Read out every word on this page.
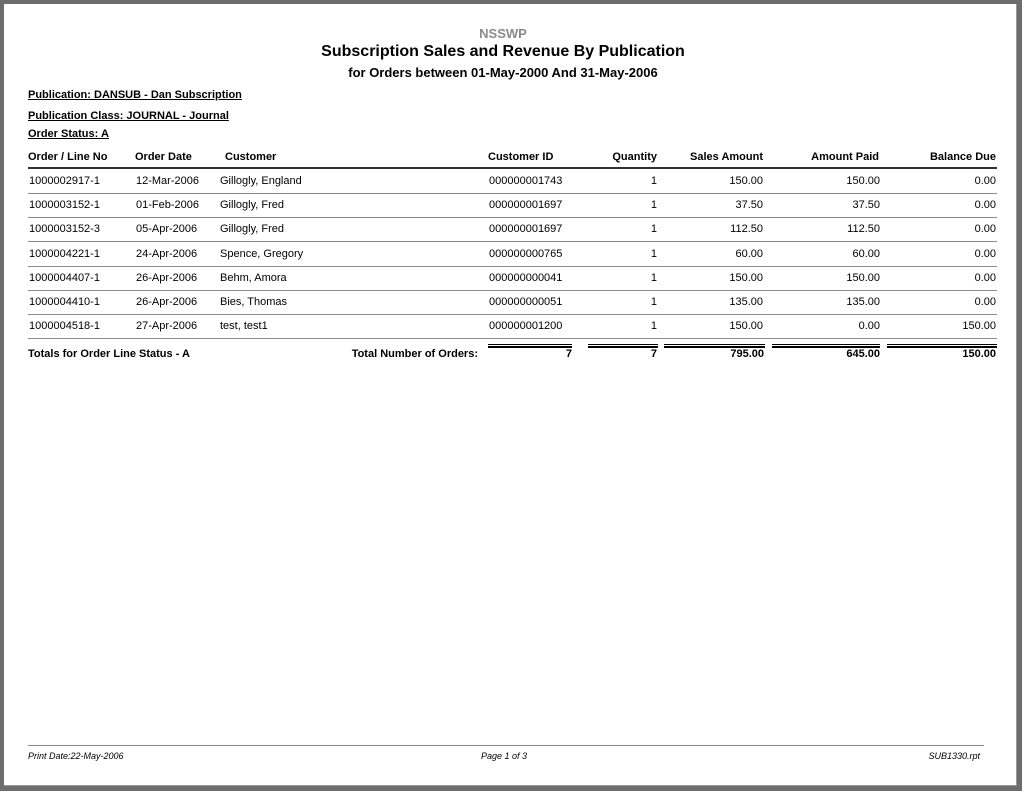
NSSWP
Subscription Sales and Revenue By Publication
for Orders between 01-May-2000 And 31-May-2006
Publication: DANSUB - Dan Subscription
Publication Class: JOURNAL - Journal
Order Status: A
Order / Line No	Order Date	Customer	Customer ID	Quantity	Sales Amount	Amount Paid	Balance Due
1000002917-1	12-Mar-2006	Gillogly, England	000000001743	1	150.00	150.00	0.00
1000003152-1	01-Feb-2006	Gillogly, Fred	000000001697	1	37.50	37.50	0.00
1000003152-3	05-Apr-2006	Gillogly, Fred	000000001697	1	112.50	112.50	0.00
1000004221-1	24-Apr-2006	Spence, Gregory	000000000765	1	60.00	60.00	0.00
1000004407-1	26-Apr-2006	Behm, Amora	000000000041	1	150.00	150.00	0.00
1000004410-1	26-Apr-2006	Bies, Thomas	000000000051	1	135.00	135.00	0.00
1000004518-1	27-Apr-2006	test, test1	000000001200	1	150.00	0.00	150.00
Totals for Order Line Status - A	Total Number of Orders:	7	7	795.00	645.00	150.00
Print Date:22-May-2006	Page 1 of 3	SUB1330.rpt
